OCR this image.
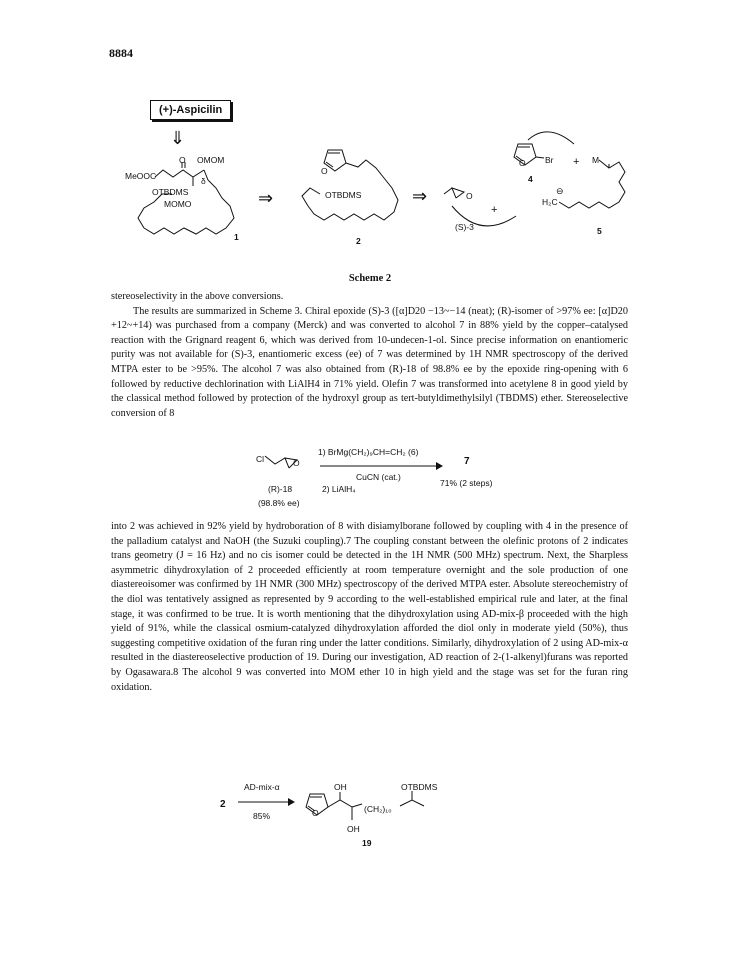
8884
(+)-Aspicilin
⇓
MeOOC
O OMOM
δ
OTBDMS
MOMO
1
⇒
O
OTBDMS
2
⇒	O
(S)-3
+
O Br
4
+ M
H₂C
⊖
5
Scheme 2

stereoselectivity in the above conversions.

The results are summarized in Scheme 3. Chiral epoxide (S)-3 ([α]D20 −13~−14 (neat); (R)-isomer of >97% ee: [α]D20 +12~+14) was purchased from a company (Merck) and was converted to alcohol 7 in 88% yield by the copper–catalysed reaction with the Grignard reagent 6, which was derived from 10-undecen-1-ol. Since precise information on enantiomeric purity was not available for (S)-3, enantiomeric excess (ee) of 7 was determined by 1H NMR spectroscopy of the derived MTPA ester to be >95%. The alcohol 7 was also obtained from (R)-18 of 98.8% ee by the epoxide ring-opening with 6 followed by reductive dechlorination with LiAlH4 in 71% yield. Olefin 7 was transformed into acetylene 8 in good yield by the classical method followed by protection of the hydroxyl group as tert-butyldimethylsilyl (TBDMS) ether. Stereoselective conversion of 8

Cl	O
1) BrMg(CH₂)₉CH=CH₂ (6)
7
CuCN (cat.)
(R)-18	2) LiAlH₄
71% (2 steps)
(98.8% ee)

into 2 was achieved in 92% yield by hydroboration of 8 with disiamylborane followed by coupling with 4 in the presence of the palladium catalyst and NaOH (the Suzuki coupling).7 The coupling constant between the olefinic protons of 2 indicates trans geometry (J = 16 Hz) and no cis isomer could be detected in the 1H NMR (500 MHz) spectrum. Next, the Sharpless asymmetric dihydroxylation of 2 proceeded efficiently at room temperature overnight and the sole production of one diastereoisomer was confirmed by 1H NMR (300 MHz) spectroscopy of the derived MTPA ester. Absolute stereochemistry of the diol was tentatively assigned as represented by 9 according to the well-established empirical rule and later, at the final stage, it was confirmed to be true. It is worth mentioning that the dihydroxylation using AD-mix-β proceeded with the high yield of 91%, while the classical osmium-catalyzed dihydroxylation afforded the diol only in moderate yield (50%), thus suggesting competitive oxidation of the furan ring under the latter conditions. Similarly, dihydroxylation of 2 using AD-mix-α resulted in the diastereoselective production of 19. During our investigation, AD reaction of 2-(1-alkenyl)furans was reported by Ogasawara.8 The alcohol 9 was converted into MOM ether 10 in high yield and the stage was set for the furan ring oxidation.

2
AD-mix-α
85%	O
OH
OH
(CH₂)₁₀
OTBDMS
19
